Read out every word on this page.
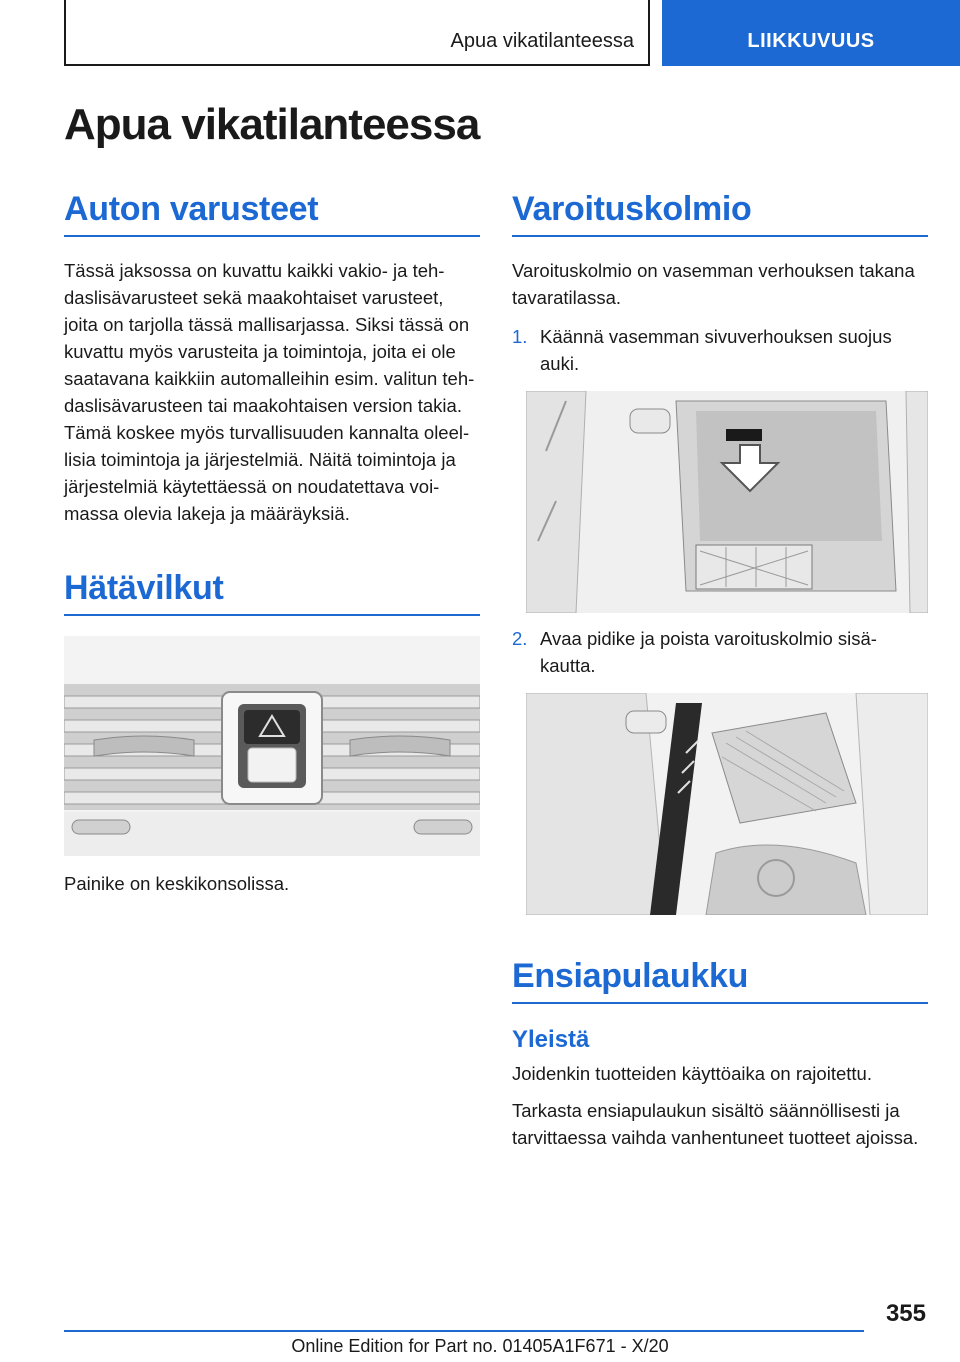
Apua vikatilanteessa	LIIKKUVUUS
Apua vikatilanteessa
Auton varusteet

Tässä jaksossa on kuvattu kaikki vakio- ja teh‐
daslisävarusteet sekä maakohtaiset varusteet,
joita on tarjolla tässä mallisarjassa. Siksi tässä on
kuvattu myös varusteita ja toimintoja, joita ei ole
saatavana kaikkiin automalleihin esim. valitun teh‐
daslisävarusteen tai maakohtaisen version takia.
Tämä koskee myös turvallisuuden kannalta oleel‐
lisia toimintoja ja järjestelmiä. Näitä toimintoja ja
järjestelmiä käytettäessä on noudatettava voi‐
massa olevia lakeja ja määräyksiä.

Hätävilkut

Painike on keskikonsolissa.

Varoituskolmio

Varoituskolmio on vasemman verhouksen takana
tavaratilassa.

1. Käännä vasemman sivuverhouksen suojus
auki.
2. Avaa pidike ja poista varoituskolmio sisä‐
kautta.
Ensiapulaukku
Yleistä

Joidenkin tuotteiden käyttöaika on rajoitettu.

Tarkasta ensiapulaukun sisältö säännöllisesti ja
tarvittaessa vaihda vanhentuneet tuotteet ajoissa.

355
Online Edition for Part no. 01405A1F671 - X/20
